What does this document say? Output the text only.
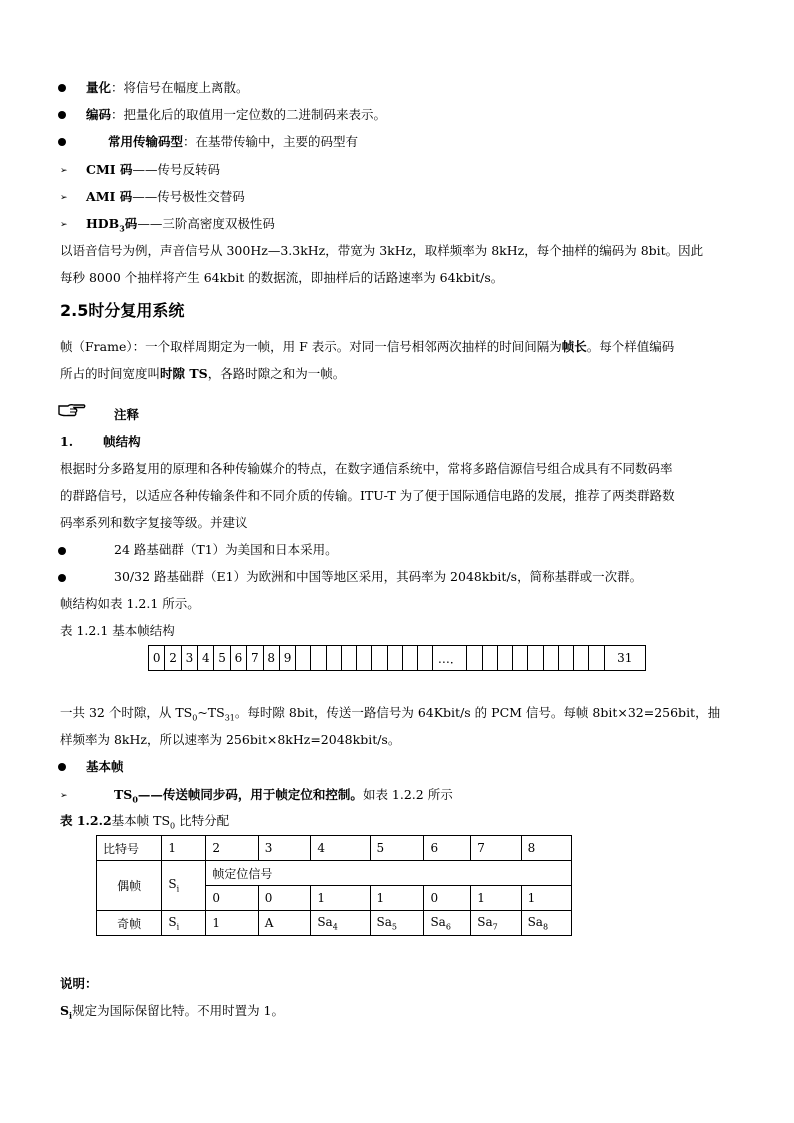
量化：将信号在幅度上离散。
编码：把量化后的取值用一定位数的二进制码来表示。
常用传输码型：在基带传输中，主要的码型有
➢ CMI 码——传号反转码
➢ AMI 码——传号极性交替码
➢ $HDB_3$码——三阶高密度双极性码
以语音信号为例，声音信号从 300Hz—3.3kHz，带宽为 3kHz，取样频率为 8kHz，每个抽样的编码为 8bit。因此
每秒 8000 个抽样将产生 64kbit 的数据流，即抽样后的话路速率为 64kbit/s。
2.5时分复用系统
帧（Frame）：一个取样周期定为一帧，用 F 表示。对同一信号相邻两次抽样的时间间隔为帧长。每个样值编码
所占的时间宽度叫时隙 TS，各路时隙之和为一帧。
注释
1. 帧结构
根据时分多路复用的原理和各种传输媒介的特点，在数字通信系统中，常将多路信源信号组合成具有不同数码率
的群路信号，以适应各种传输条件和不同介质的传输。ITU-T 为了便于国际通信电路的发展，推荐了两类群路数
码率系列和数字复接等级。并建议
24 路基础群（T1）为美国和日本采用。
30/32 路基础群（E1）为欧洲和中国等地区采用，其码率为 2048kbit/s，简称基群或一次群。
帧结构如表 1.2.1 所示。
表 1.2.1 基本帧结构
0	2	3	4	5	6	7	8	9										…．										31
一共 32 个时隙，从 $TS_0\sim TS_{31}$。每时隙 8bit，传送一路信号为 64Kbit/s 的 PCM 信号。每帧 8bit×32=256bit，抽
样频率为 8kHz，所以速率为 256bit×8kHz=2048kbit/s。
基本帧
➢	$TS_0——$传送帧同步码，用于帧定位和控制。如表 1.2.2 所示
表 1.2.2基本帧 $TS_0$ 比特分配
比特号	1	2	3	4	5	6	7	8
偶帧	$S_i$	帧定位信号						
		0	0	1	1	0	1	1
奇帧	$S_i$	1	A	$Sa_4$	$Sa_5$	$Sa_6$	$Sa_7$	$Sa_8$
说明：
$S_i$规定为国际保留比特。不用时置为 1。
